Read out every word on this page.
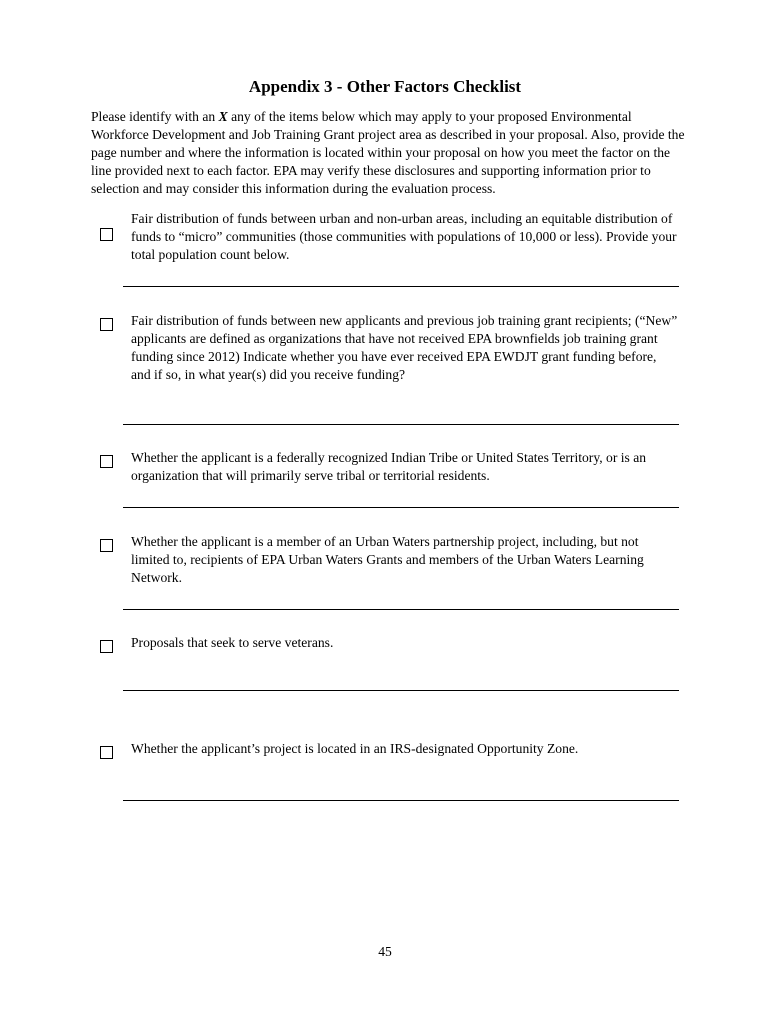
Appendix 3 - Other Factors Checklist
Please identify with an X any of the items below which may apply to your proposed Environmental Workforce Development and Job Training Grant project area as described in your proposal. Also, provide the page number and where the information is located within your proposal on how you meet the factor on the line provided next to each factor. EPA may verify these disclosures and supporting information prior to selection and may consider this information during the evaluation process.
Fair distribution of funds between urban and non-urban areas, including an equitable distribution of funds to “micro” communities (those communities with populations of 10,000 or less). Provide your total population count below.
Fair distribution of funds between new applicants and previous job training grant recipients; (“New” applicants are defined as organizations that have not received EPA brownfields job training grant funding since 2012) Indicate whether you have ever received EPA EWDJT grant funding before, and if so, in what year(s) did you receive funding?
Whether the applicant is a federally recognized Indian Tribe or United States Territory, or is an organization that will primarily serve tribal or territorial residents.
Whether the applicant is a member of an Urban Waters partnership project, including, but not limited to, recipients of EPA Urban Waters Grants and members of the Urban Waters Learning Network.
Proposals that seek to serve veterans.
Whether the applicant’s project is located in an IRS-designated Opportunity Zone.
45
